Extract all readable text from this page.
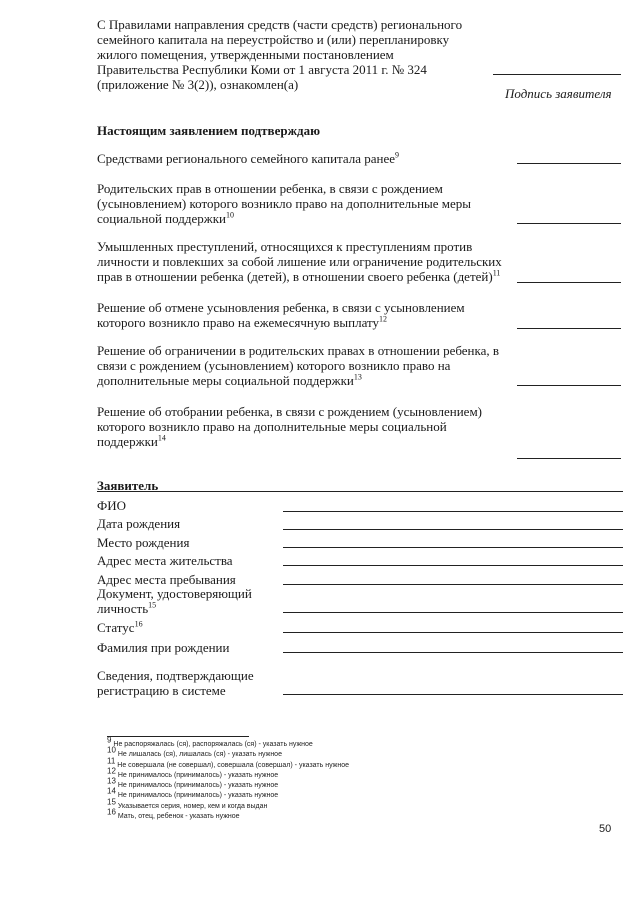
С Правилами направления средств (части средств) регионального
семейного капитала на переустройство и (или) перепланировку
жилого помещения, утвержденными постановлением
Правительства Республики Коми от 1 августа 2011 г. № 324
(приложение № 3(2)), ознакомлен(а)
Подпись заявителя
Настоящим заявлением подтверждаю
Средствами регионального семейного капитала ранее$^9$
Родительских прав в отношении ребенка, в связи с рождением
(усыновлением) которого возникло право на дополнительные меры
социальной поддержки$^{10}$
Умышленных преступлений, относящихся к преступлениям против
личности и повлекших за собой лишение или ограничение родительских
прав в отношении ребенка (детей), в отношении своего ребенка (детей)$^{11}$
Решение об отмене усыновления ребенка, в связи с усыновлением
которого возникло право на ежемесячную выплату$^{12}$
Решение об ограничении в родительских правах в отношении ребенка, в
связи с рождением (усыновлением) которого возникло право на
дополнительные меры социальной поддержки$^{13}$
Решение об отобрании ребенка, в связи с рождением (усыновлением)
которого возникло право на дополнительные меры социальной
поддержки$^{14}$
Заявитель
ФИО
Дата рождения
Место рождения
Адрес места жительства
Адрес места пребывания
Документ, удостоверяющий
личность$^{15}$
Статус$^{16}$
Фамилия при рождении
Сведения, подтверждающие
регистрацию в системе
$^9$ Не распоряжалась (ся), распоряжалась (ся) - указать нужное
$^{10}$ Не лишалась (ся), лишалась (ся) - указать нужное
$^{11}$ Не совершала (не совершал), совершала (совершал) - указать нужное
$^{12}$ Не принималось (принималось) - указать нужное
$^{13}$ Не принималось (принималось) - указать нужное
$^{14}$ Не принималось (принималось) - указать нужное
$^{15}$ Указывается серия, номер, кем и когда выдан
$^{16}$ Мать, отец, ребенок - указать нужное
50
